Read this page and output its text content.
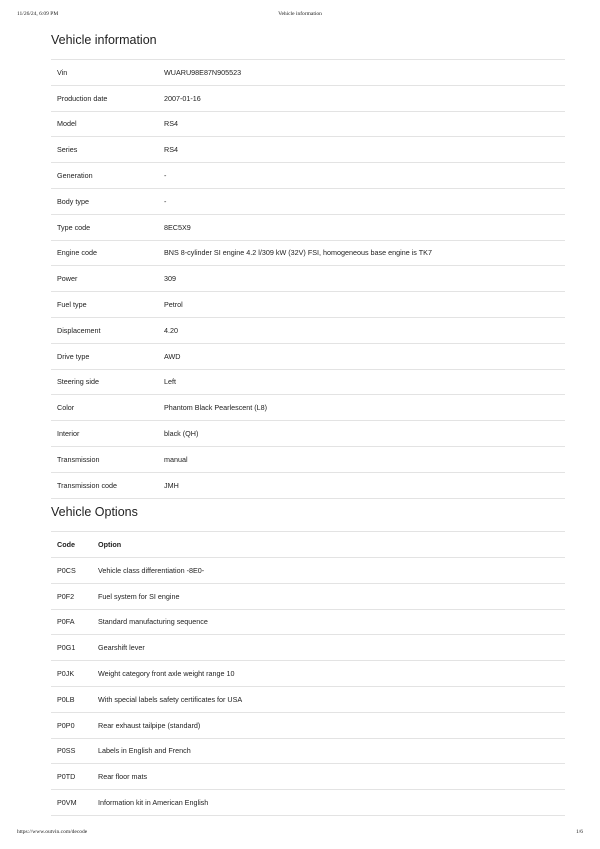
11/26/24, 6:09 PM	Vehicle information
Vehicle information
Vin	WUARU98E87N905523
Production date	2007-01-16
Model	RS4
Series	RS4
Generation	-
Body type	-
Type code	8EC5X9
Engine code	BNS 8-cylinder SI engine 4.2 l/309 kW (32V) FSI, homogeneous base engine is TK7
Power	309
Fuel type	Petrol
Displacement	4.20
Drive type	AWD
Steering side	Left
Color	Phantom Black Pearlescent (L8)
Interior	black (QH)
Transmission	manual
Transmission code	JMH
Vehicle Options
Code	Option
P0CS	Vehicle class differentiation -8E0-
P0F2	Fuel system for SI engine
P0FA	Standard manufacturing sequence
P0G1	Gearshift lever
P0JK	Weight category front axle weight range 10
P0LB	With special labels safety certificates for USA
P0P0	Rear exhaust tailpipe (standard)
P0SS	Labels in English and French
P0TD	Rear floor mats
P0VM	Information kit in American English
https://www.outvin.com/decode	1/6
